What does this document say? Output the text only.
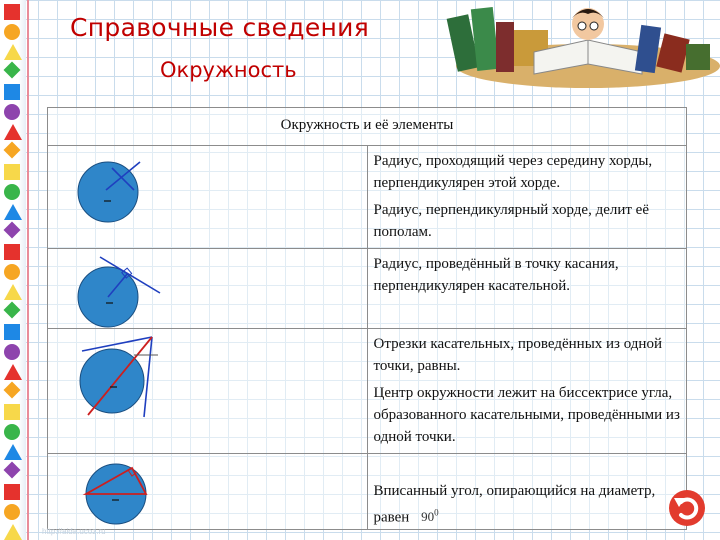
Справочные сведения
Окружность
Окружность и её элементы	

Радиус, проходящий через середину хорды, перпендикулярен этой хорде.

Радиус, перпендикулярный хорде, делит её пополам.

Радиус, проведённый в точку касания, перпендикулярен касательной.

Отрезки касательных, проведённых из одной точки, равны.

Центр окружности лежит на биссектрисе угла, образованного касательными, проведёнными из одной точки.

	Вписанный угол, опирающийся на диаметр, равен $90^0$
http://aida.ucoz.ru
